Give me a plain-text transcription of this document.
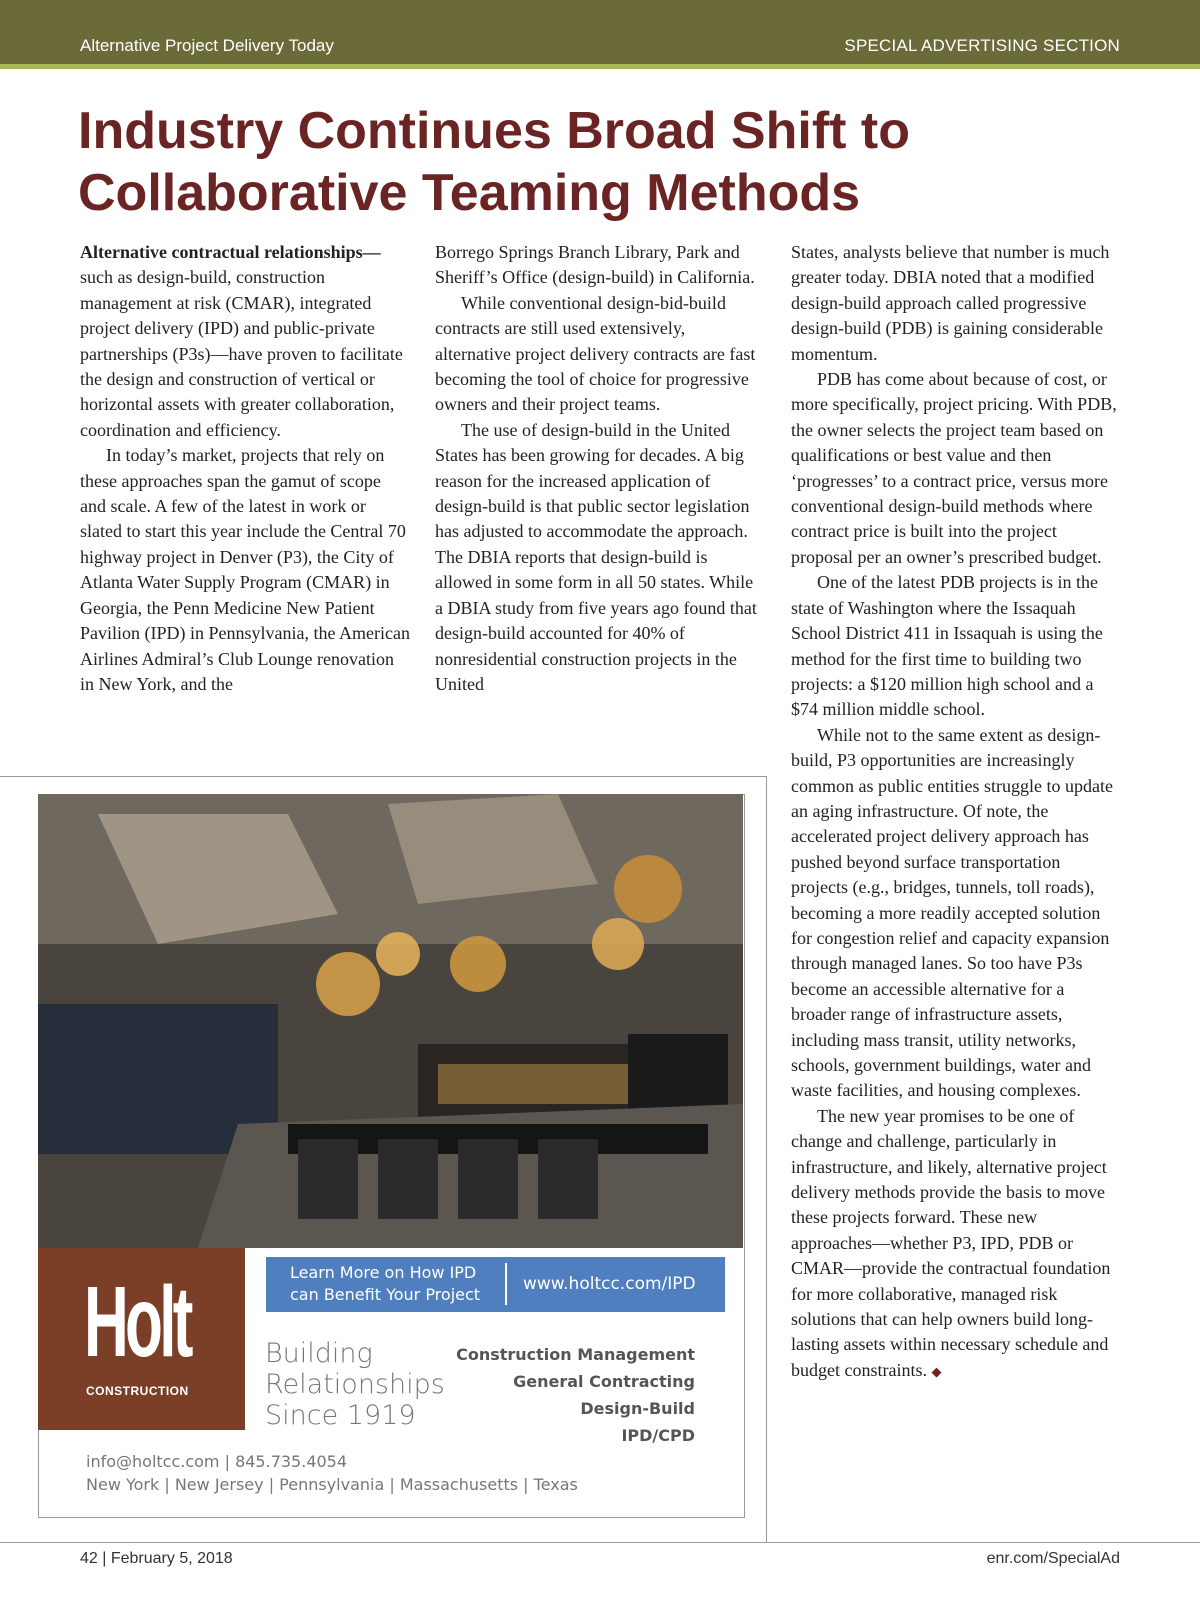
Alternative Project Delivery Today	SPECIAL ADVERTISING SECTION
Industry Continues Broad Shift to Collaborative Teaming Methods

Alternative contractual relationships—such as design-build, construction management at risk (CMAR), integrated project delivery (IPD) and public-private partnerships (P3s)—have proven to facilitate the design and construction of vertical or horizontal assets with greater collaboration, coordination and efficiency.

In today’s market, projects that rely on these approaches span the gamut of scope and scale. A few of the latest in work or slated to start this year include the Central 70 highway project in Denver (P3), the City of Atlanta Water Supply Program (CMAR) in Georgia, the Penn Medicine New Patient Pavilion (IPD) in Pennsylvania, the American Airlines Admiral’s Club Lounge renovation in New York, and the

Borrego Springs Branch Library, Park and Sheriff’s Office (design-build) in California.

While conventional design-bid-build contracts are still used extensively, alternative project delivery contracts are fast becoming the tool of choice for progressive owners and their project teams.

The use of design-build in the United States has been growing for decades. A big reason for the increased application of design-build is that public sector legislation has adjusted to accommodate the approach. The DBIA reports that design-build is allowed in some form in all 50 states. While a DBIA study from five years ago found that design-build accounted for 40% of nonresidential construction projects in the United

States, analysts believe that number is much greater today. DBIA noted that a modified design-build approach called progressive design-build (PDB) is gaining considerable momentum.

PDB has come about because of cost, or more specifically, project pricing. With PDB, the owner selects the project team based on qualifications or best value and then ‘progresses’ to a contract price, versus more conventional design-build methods where contract price is built into the project proposal per an owner’s prescribed budget.

One of the latest PDB projects is in the state of Washington where the Issaquah School District 411 in Issaquah is using the method for the first time to building two projects: a $120 million high school and a $74 million middle school.

While not to the same extent as design-build, P3 opportunities are increasingly common as public entities struggle to update an aging infrastructure. Of note, the accelerated project delivery approach has pushed beyond surface transportation projects (e.g., bridges, tunnels, toll roads), becoming a more readily accepted solution for congestion relief and capacity expansion through managed lanes. So too have P3s become an accessible alternative for a broader range of infrastructure assets, including mass transit, utility networks, schools, government buildings, water and waste facilities, and housing complexes.

The new year promises to be one of change and challenge, particularly in infrastructure, and likely, alternative project delivery methods provide the basis to move these projects forward. These new approaches—whether P3, IPD, PDB or CMAR—provide the contractual foundation for more collaborative, managed risk solutions that can help owners build long-lasting assets within necessary schedule and budget constraints. ◆

Holt
CONSTRUCTION
Learn More on How IPD can Benefit Your Project
www.holtcc.com/IPD
Building
Relationships
Since 1919
Construction Management
General Contracting
Design-Build
IPD/CPD
info@holtcc.com | 845.735.4054
New York | New Jersey | Pennsylvania | Massachusetts | Texas
42 | February 5, 2018	enr.com/SpecialAd
